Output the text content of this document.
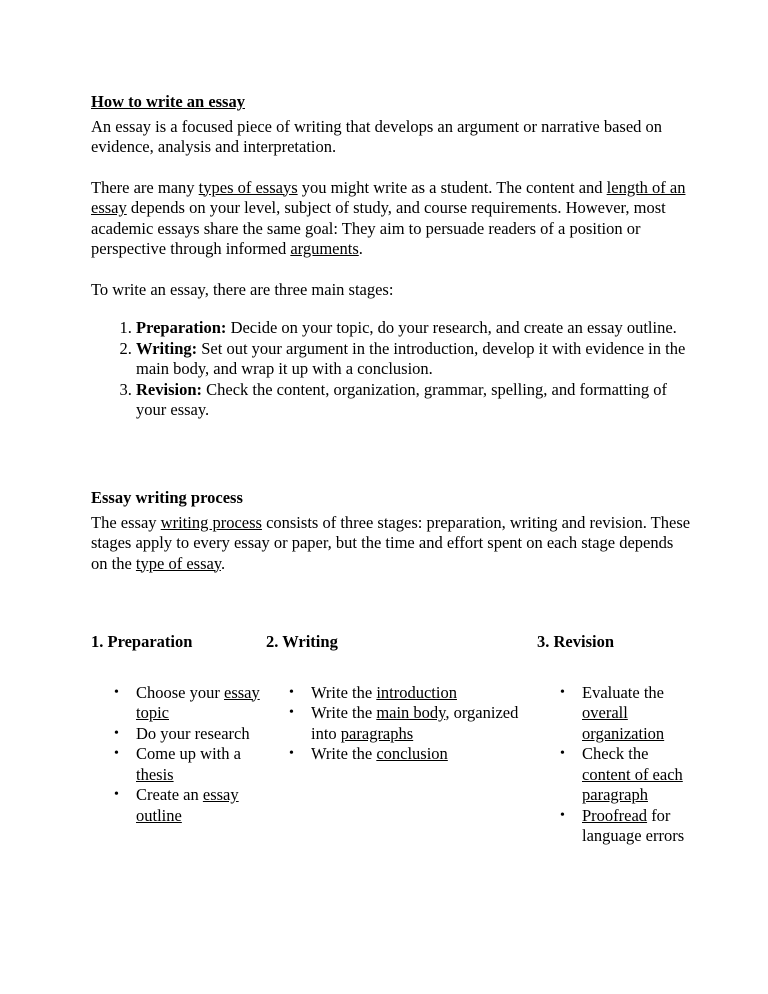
How to write an essay

An essay is a focused piece of writing that develops an argument or narrative based on evidence, analysis and interpretation.

There are many types of essays you might write as a student. The content and length of an essay depends on your level, subject of study, and course requirements. However, most academic essays share the same goal: They aim to persuade readers of a position or perspective through informed arguments.

To write an essay, there are three main stages:

1. Preparation: Decide on your topic, do your research, and create an essay outline.
2. Writing: Set out your argument in the introduction, develop it with evidence in the main body, and wrap it up with a conclusion.
3. Revision: Check the content, organization, grammar, spelling, and formatting of your essay.

Essay writing process

The essay writing process consists of three stages: preparation, writing and revision. These stages apply to every essay or paper, but the time and effort spent on each stage depends on the type of essay.

1. Preparation

• Choose your essay topic
• Do your research
• Come up with a thesis
• Create an essay outline

2. Writing

• Write the introduction
• Write the main body, organized into paragraphs
• Write the conclusion

3. Revision

• Evaluate the overall organization
• Check the content of each paragraph
• Proofread for language errors
